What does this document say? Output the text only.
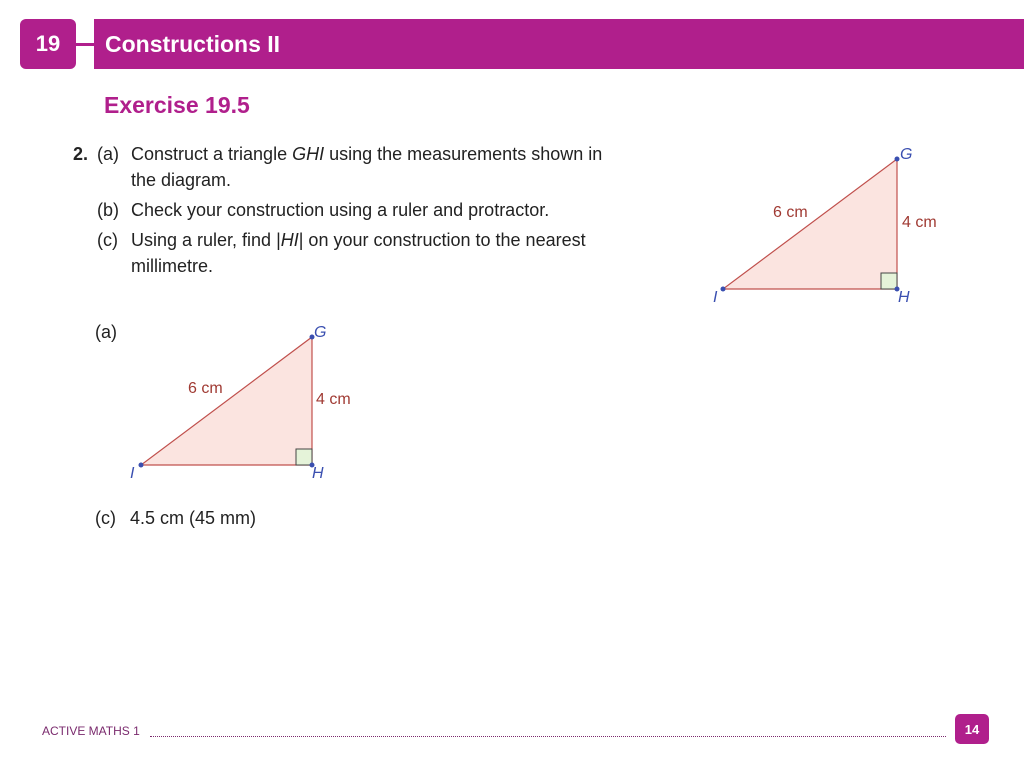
19 Constructions II
Exercise 19.5
2. (a) Construct a triangle GHI using the measurements shown in
the diagram.
(b) Check your construction using a ruler and protractor.
(c) Using a ruler, find |HI| on your construction to the nearest
millimetre.
G
H
I
6 cm
4 cm
(a)	G
H
I
6 cm
4 cm
(c) 4.5 cm (45 mm)
ACTIVE MATHS 1	14
